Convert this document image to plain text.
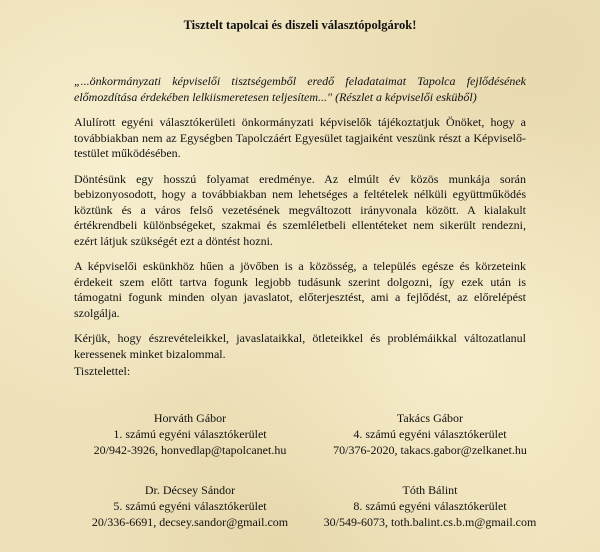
Tisztelt tapolcai és diszeli választópolgárok!

„...önkormányzati képviselői tisztségemből eredő feladataimat Tapolca fejlődésének előmozdítása érdekében lelkiismeretesen teljesítem..." (Részlet a képviselői esküből)

Alulírott egyéni választókerületi önkormányzati képviselők tájékoztatjuk Önöket, hogy a továbbiakban nem az Egységben Tapolczáért Egyesület tagjaiként veszünk részt a Képviselő-testület működésében.

Döntésünk egy hosszú folyamat eredménye. Az elmúlt év közös munkája során bebizonyosodott, hogy a továbbiakban nem lehetséges a feltételek nélküli együttműködés köztünk és a város felső vezetésének megváltozott irányvonala között. A kialakult értékrendbeli különbségeket, szakmai és szemléletbeli ellentéteket nem sikerült rendezni, ezért látjuk szükségét ezt a döntést hozni.

A képviselői eskünkhöz hűen a jövőben is a közösség, a település egésze és körzeteink érdekeit szem előtt tartva fogunk legjobb tudásunk szerint dolgozni, így ezek után is támogatni fogunk minden olyan javaslatot, előterjesztést, ami a fejlődést, az előrelépést szolgálja.

Kérjük, hogy észrevételeikkel, javaslataikkal, ötleteikkel és problémáikkal változatlanul keressenek minket bizalommal.

Tisztelettel:
Horváth Gábor
1. számú egyéni választókerület
20/942-3926, honvedlap@tapolcanet.hu
Takács Gábor
4. számú egyéni választókerület
70/376-2020, takacs.gabor@zelkanet.hu
Dr. Décsey Sándor
5. számú egyéni választókerület
20/336-6691, decsey.sandor@gmail.com
Tóth Bálint
8. számú egyéni választókerület
30/549-6073, toth.balint.cs.b.m@gmail.com
